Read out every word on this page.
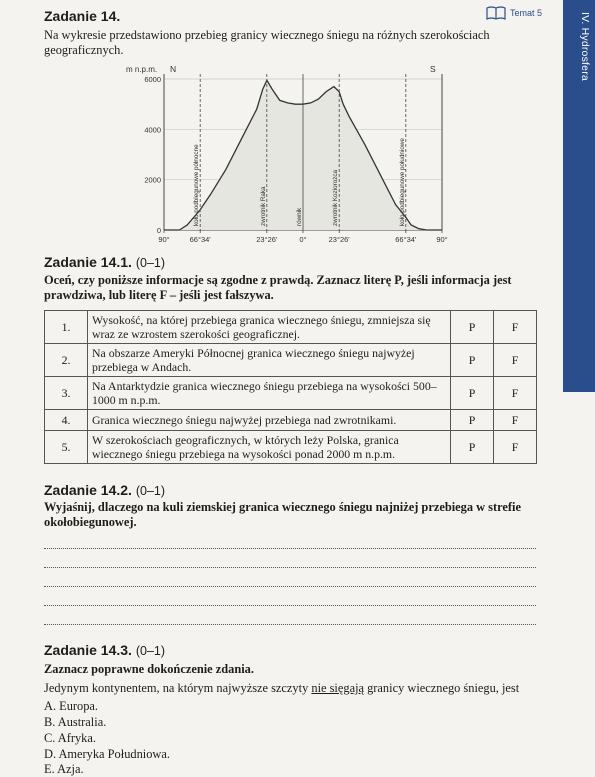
IV. Hydrosfera
Temat 5
Zadanie 14.
Na wykresie przedstawiono przebieg granicy wiecznego śniegu na różnych szerokościach geograficznych.
m n.p.m. N	S
0
2000
4000
6000
koło podbiegunowe północne	zwrotnik Raka	równik	zwrotnik Koziorożca	koło podbiegunowe południowe
90°	66°34'	23°26'	0°	23°26'	66°34'	90°
Zadanie 14.1. (0–1)
Oceń, czy poniższe informacje są zgodne z prawdą. Zaznacz literę P, jeśli informacja jest prawdziwa, lub literę F – jeśli jest fałszywa.
1.	Wysokość, na której przebiega granica wiecznego śniegu, zmniejsza się wraz ze wzrostem szerokości geograficznej.	P	F
2.	Na obszarze Ameryki Północnej granica wiecznego śniegu najwyżej przebiega w Andach.	P	F
3.	Na Antarktydzie granica wiecznego śniegu przebiega na wysokości 500–1000 m n.p.m.	P	F
4.	Granica wiecznego śniegu najwyżej przebiega nad zwrotnikami.	P	F
5.	W szerokościach geograficznych, w których leży Polska, granica wiecznego śniegu przebiega na wysokości ponad 2000 m n.p.m.	P	F
Zadanie 14.2. (0–1)
Wyjaśnij, dlaczego na kuli ziemskiej granica wiecznego śniegu najniżej przebiega w strefie okołobiegunowej.
Zadanie 14.3. (0–1)
Zaznacz poprawne dokończenie zdania.
Jedynym kontynentem, na którym najwyższe szczyty nie sięgają granicy wiecznego śniegu, jest
A. Europa.
B. Australia.
C. Afryka.
D. Ameryka Południowa.
E. Azja.
